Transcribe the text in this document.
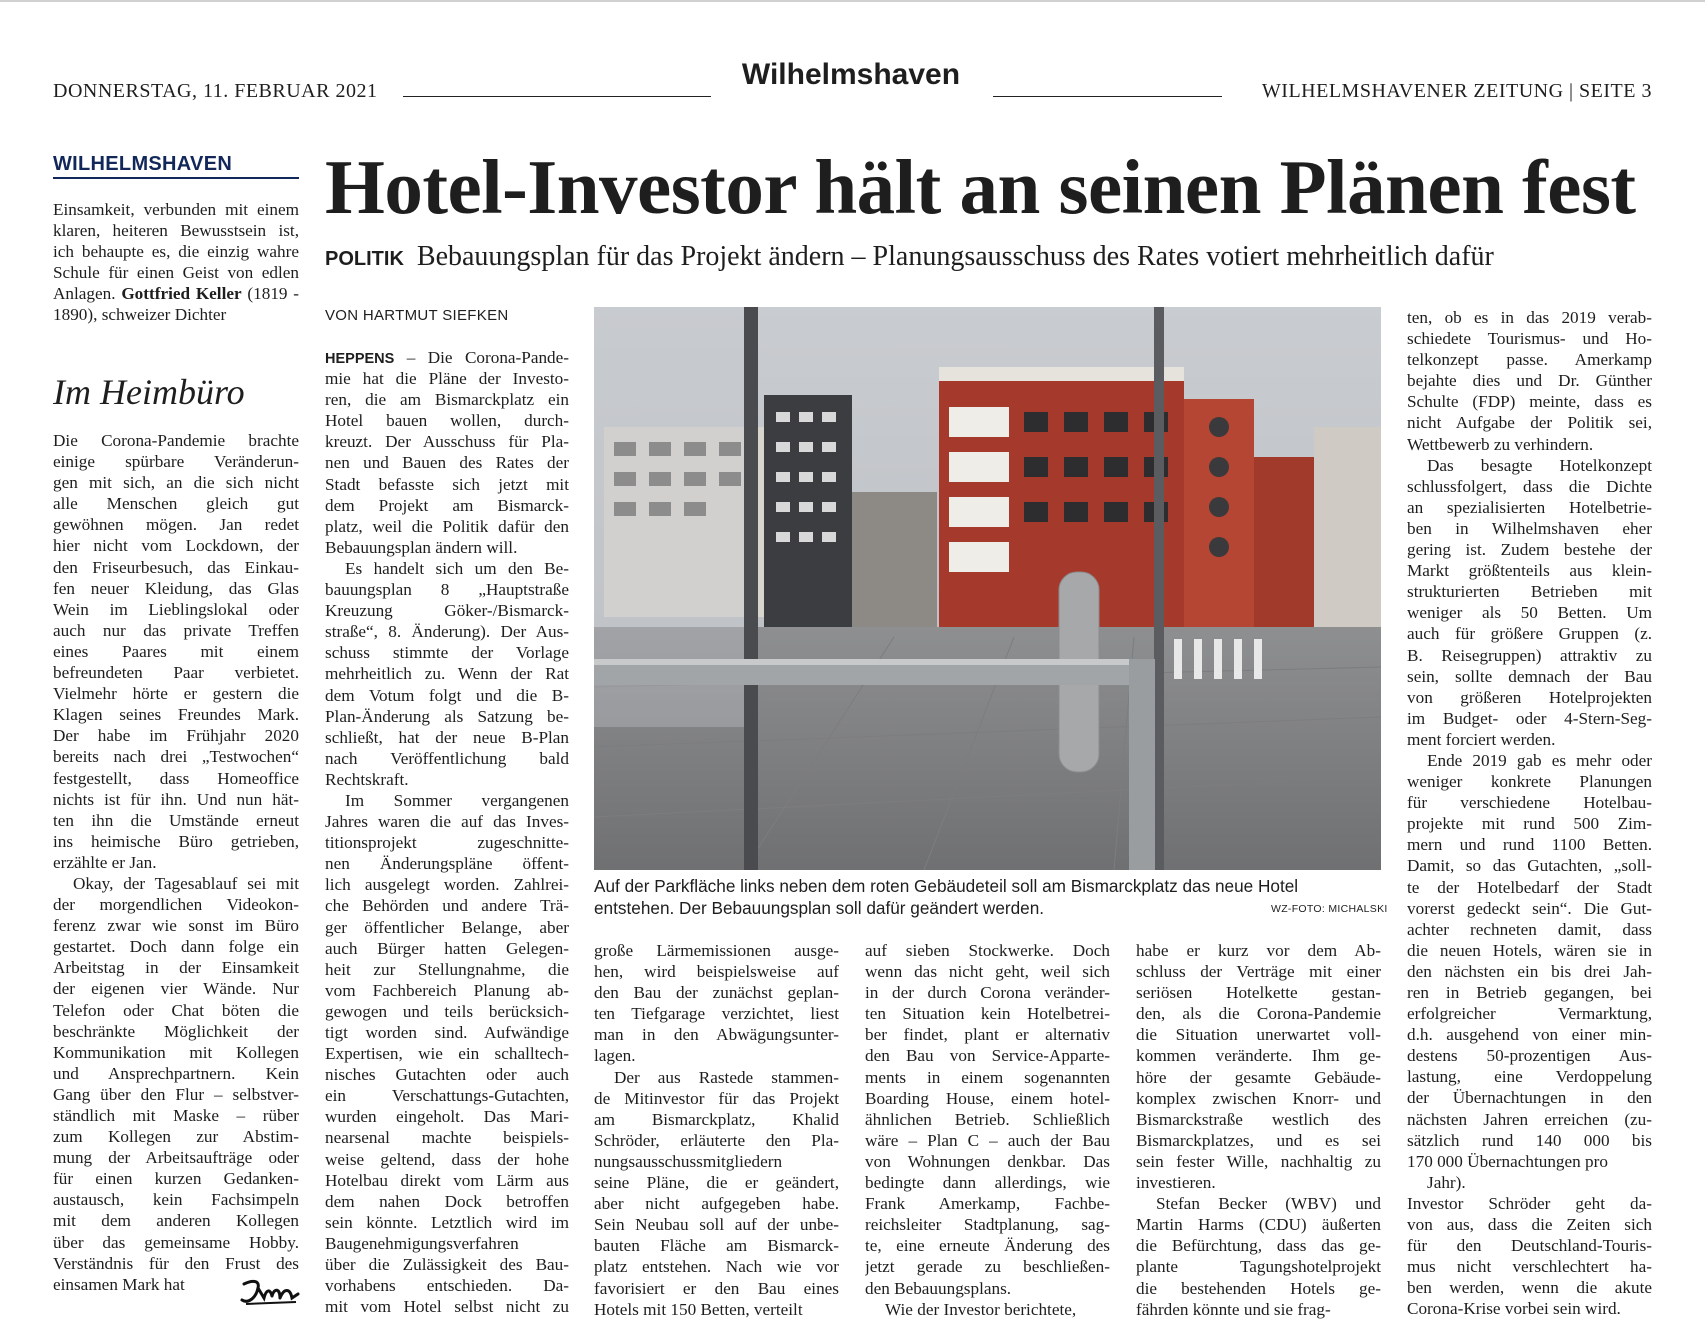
DONNERSTAG, 11. FEBRUAR 2021	Wilhelmshaven	WILHELMSHAVENER ZEITUNG | SEITE 3
WILHELMSHAVEN
Einsamkeit, verbunden mit einem klaren, heiteren Bewusstsein ist, ich behaupte es, die einzig wahre Schule für einen Geist von edlen Anlagen. Gottfried Keller (1819 - 1890), schweizer Dichter
Im Heimbüro
Die Corona-Pandemie brachte
einige spürbare Veränderun-
gen mit sich, an die sich nicht
alle Menschen gleich gut
gewöhnen mögen. Jan redet
hier nicht vom Lockdown, der
den Friseurbesuch, das Einkau-
fen neuer Kleidung, das Glas
Wein im Lieblingslokal oder
auch nur das private Treffen
eines Paares mit einem
befreundeten Paar verbietet.
Vielmehr hörte er gestern die
Klagen seines Freundes Mark.
Der habe im Frühjahr 2020
bereits nach drei „Testwochen“
festgestellt, dass Homeoffice
nichts ist für ihn. Und nun hät-
ten ihn die Umstände erneut
ins heimische Büro getrieben,
erzählte er Jan.
Okay, der Tagesablauf sei mit
der morgendlichen Videokon-
ferenz zwar wie sonst im Büro
gestartet. Doch dann folge ein
Arbeitstag in der Einsamkeit
der eigenen vier Wände. Nur
Telefon oder Chat böten die
beschränkte Möglichkeit der
Kommunikation mit Kollegen
und Ansprechpartnern. Kein
Gang über den Flur – selbstver-
ständlich mit Maske – rüber
zum Kollegen zur Abstim-
mung der Arbeitsaufträge oder
für einen kurzen Gedanken-
austausch, kein Fachsimpeln
mit dem anderen Kollegen
über das gemeinsame Hobby.
Verständnis für den Frust des
einsamen Mark hat
Hotel-Investor hält an seinen Plänen fest
POLITIK Bebauungsplan für das Projekt ändern – Planungsausschuss des Rates votiert mehrheitlich dafür
VON HARTMUT SIEFKEN
HEPPENS – Die Corona-Pande-
mie hat die Pläne der Investo-
ren, die am Bismarckplatz ein
Hotel bauen wollen, durch-
kreuzt. Der Ausschuss für Pla-
nen und Bauen des Rates der
Stadt befasste sich jetzt mit
dem Projekt am Bismarck-
platz, weil die Politik dafür den
Bebauungsplan ändern will.
Es handelt sich um den Be-
bauungsplan 8 „Hauptstraße
Kreuzung Göker-/Bismarck-
straße“, 8. Änderung). Der Aus-
schuss stimmte der Vorlage
mehrheitlich zu. Wenn der Rat
dem Votum folgt und die B-
Plan-Änderung als Satzung be-
schließt, hat der neue B-Plan
nach Veröffentlichung bald
Rechtskraft.
Im Sommer vergangenen
Jahres waren die auf das Inves-
titionsprojekt zugeschnitte-
nen Änderungspläne öffent-
lich ausgelegt worden. Zahlrei-
che Behörden und andere Trä-
ger öffentlicher Belange, aber
auch Bürger hatten Gelegen-
heit zur Stellungnahme, die
vom Fachbereich Planung ab-
gewogen und teils berücksich-
tigt worden sind. Aufwändige
Expertisen, wie ein schalltech-
nisches Gutachten oder auch
ein Verschattungs-Gutachten,
wurden eingeholt. Das Mari-
nearsenal machte beispiels-
weise geltend, dass der hohe
Hotelbau direkt vom Lärm aus
dem nahen Dock betroffen
sein könnte. Letztlich wird im
Baugenehmigungsverfahren
über die Zulässigkeit des Bau-
vorhabens entschieden. Da-
mit vom Hotel selbst nicht zu
Auf der Parkfläche links neben dem roten Gebäudeteil soll am Bismarckplatz das neue Hotel entstehen. Der Bebauungsplan soll dafür geändert werden.	WZ-FOTO: MICHALSKI
große Lärmemissionen ausge-
hen, wird beispielsweise auf
den Bau der zunächst geplan-
ten Tiefgarage verzichtet, liest
man in den Abwägungsunter-
lagen.
Der aus Rastede stammen-
de Mitinvestor für das Projekt
am Bismarckplatz, Khalid
Schröder, erläuterte den Pla-
nungsausschussmitgliedern
seine Pläne, die er geändert,
aber nicht aufgegeben habe.
Sein Neubau soll auf der unbe-
bauten Fläche am Bismarck-
platz entstehen. Nach wie vor
favorisiert er den Bau eines
Hotels mit 150 Betten, verteilt
auf sieben Stockwerke. Doch
wenn das nicht geht, weil sich
in der durch Corona veränder-
ten Situation kein Hotelbetrei-
ber findet, plant er alternativ
den Bau von Service-Apparte-
ments in einem sogenannten
Boarding House, einem hotel-
ähnlichen Betrieb. Schließlich
wäre – Plan C – auch der Bau
von Wohnungen denkbar. Das
bedingte dann allerdings, wie
Frank Amerkamp, Fachbe-
reichsleiter Stadtplanung, sag-
te, eine erneute Änderung des
jetzt gerade zu beschließen-
den Bebauungsplans.
Wie der Investor berichtete,
habe er kurz vor dem Ab-
schluss der Verträge mit einer
seriösen Hotelkette gestan-
den, als die Corona-Pandemie
die Situation unerwartet voll-
kommen veränderte. Ihm ge-
höre der gesamte Gebäude-
komplex zwischen Knorr- und
Bismarckstraße westlich des
Bismarckplatzes, und es sei
sein fester Wille, nachhaltig zu
investieren.
Stefan Becker (WBV) und
Martin Harms (CDU) äußerten
die Befürchtung, dass das ge-
plante Tagungshotelprojekt
die bestehenden Hotels ge-
fährden könnte und sie frag-
ten, ob es in das 2019 verab-
schiedete Tourismus- und Ho-
telkonzept passe. Amerkamp
bejahte dies und Dr. Günther
Schulte (FDP) meinte, dass es
nicht Aufgabe der Politik sei,
Wettbewerb zu verhindern.
Das besagte Hotelkonzept
schlussfolgert, dass die Dichte
an spezialisierten Hotelbetrie-
ben in Wilhelmshaven eher
gering ist. Zudem bestehe der
Markt größtenteils aus klein-
strukturierten Betrieben mit
weniger als 50 Betten. Um
auch für größere Gruppen (z.
B. Reisegruppen) attraktiv zu
sein, sollte demnach der Bau
von größeren Hotelprojekten
im Budget- oder 4-Stern-Seg-
ment forciert werden.
Ende 2019 gab es mehr oder
weniger konkrete Planungen
für verschiedene Hotelbau-
projekte mit rund 500 Zim-
mern und rund 1100 Betten.
Damit, so das Gutachten, „soll-
te der Hotelbedarf der Stadt
vorerst gedeckt sein“. Die Gut-
achter rechneten damit, dass
die neuen Hotels, wären sie in
den nächsten ein bis drei Jah-
ren in Betrieb gegangen, bei
erfolgreicher Vermarktung,
d.h. ausgehend von einer min-
destens 50-prozentigen Aus-
lastung, eine Verdoppelung
der Übernachtungen in den
nächsten Jahren erreichen (zu-
sätzlich rund 140 000 bis
170 000 Übernachtungen pro
Jahr).
Investor Schröder geht da-
von aus, dass die Zeiten sich
für den Deutschland-Touris-
mus nicht verschlechtert ha-
ben werden, wenn die akute
Corona-Krise vorbei sein wird.
